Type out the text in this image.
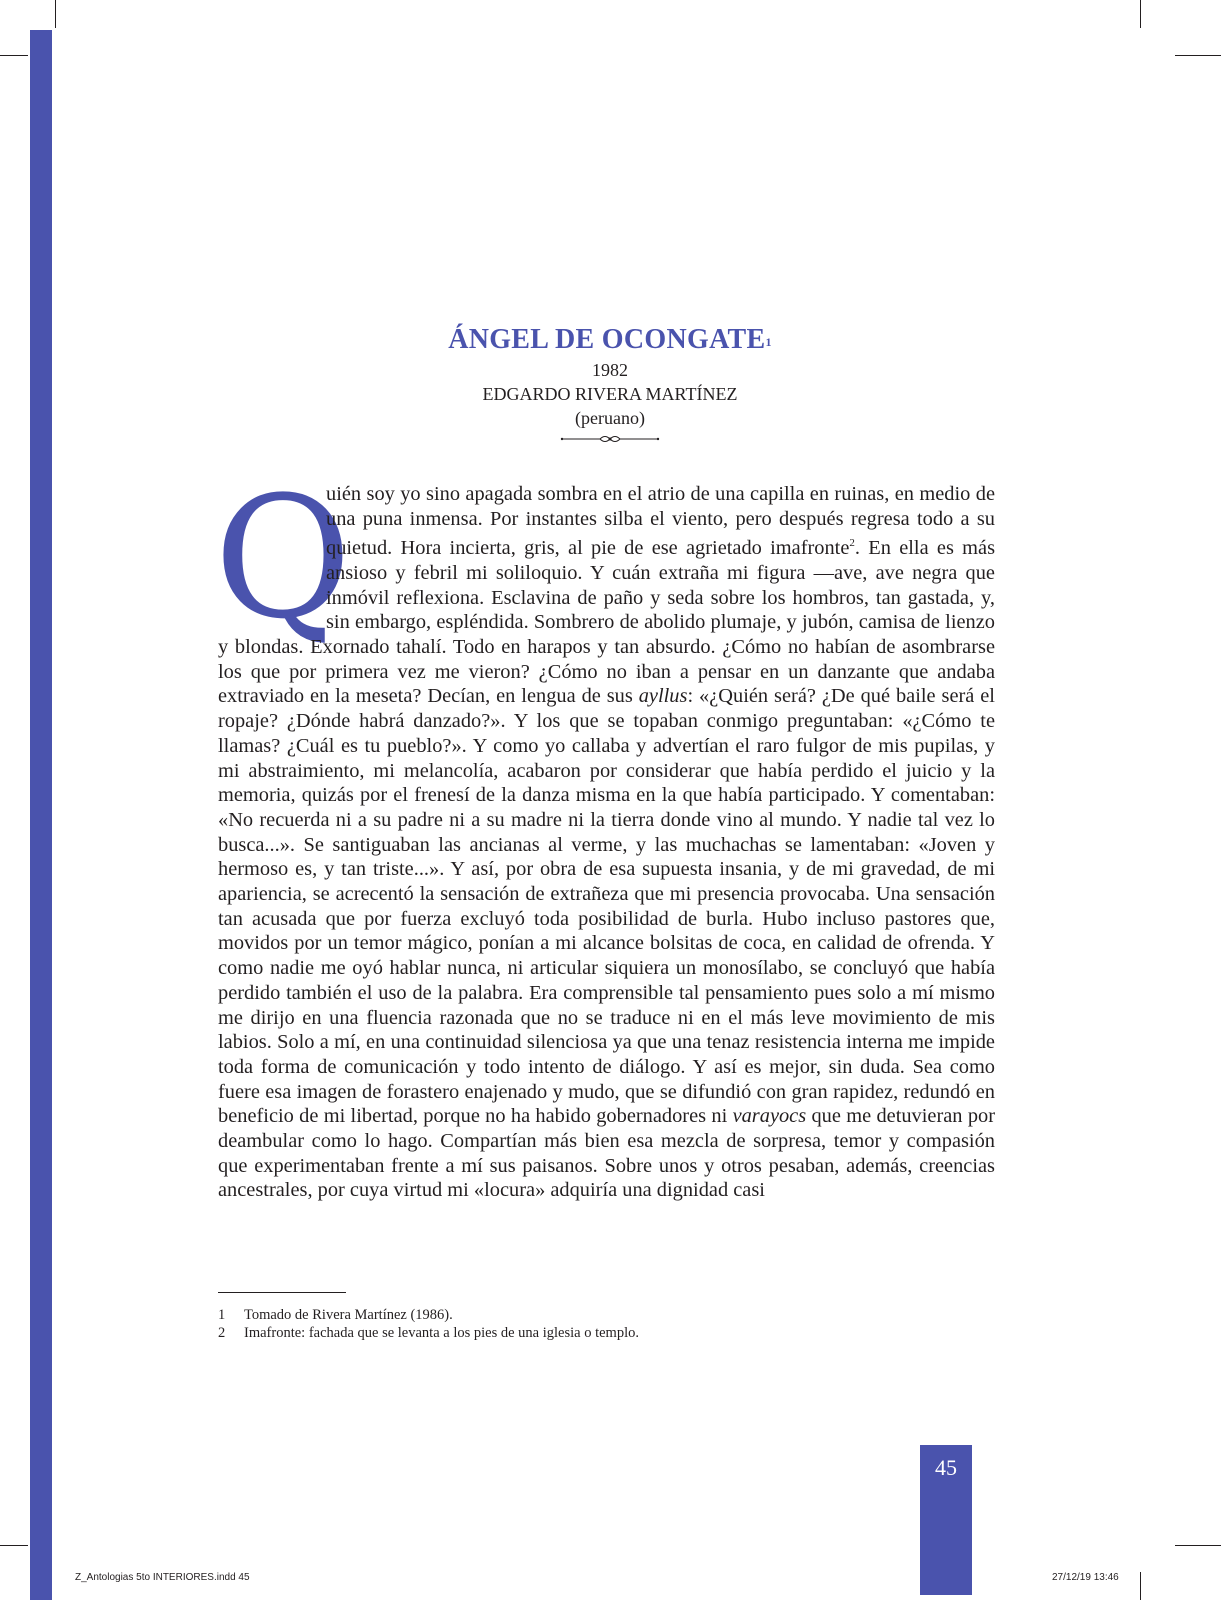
ÁNGEL DE OCONGATE$^1$
1982
EDGARDO RIVERA MARTÍNEZ
(peruano)
Q
uién soy yo sino apagada sombra en el atrio de una capilla en ruinas, en medio de una puna inmensa. Por instantes silba el viento, pero después regresa todo a su quietud. Hora incierta, gris, al pie de ese agrietado imafronte$^2$. En ella es más ansioso y febril mi soliloquio. Y cuán extraña mi figura —ave, ave negra que inmóvil reflexiona. Esclavina de paño y seda sobre los hombros, tan gastada, y, sin embargo, espléndida. Sombrero de abolido plumaje, y jubón, camisa de lienzo y blondas. Exornado tahalí. Todo en harapos y tan absurdo. ¿Cómo no habían de asombrarse los que por primera vez me vieron? ¿Cómo no iban a pensar en un danzante que andaba extraviado en la meseta? Decían, en lengua de sus ayllus: «¿Quién será? ¿De qué baile será el ropaje? ¿Dónde habrá danzado?». Y los que se topaban conmigo preguntaban: «¿Cómo te llamas? ¿Cuál es tu pueblo?». Y como yo callaba y advertían el raro fulgor de mis pupilas, y mi abstraimiento, mi melancolía, acabaron por considerar que había perdido el juicio y la memoria, quizás por el frenesí de la danza misma en la que había participado. Y comentaban: «No recuerda ni a su padre ni a su madre ni la tierra donde vino al mundo. Y nadie tal vez lo busca...». Se santiguaban las ancianas al verme, y las muchachas se lamentaban: «Joven y hermoso es, y tan triste...». Y así, por obra de esa supuesta insania, y de mi gravedad, de mi apariencia, se acrecentó la sensación de extrañeza que mi presencia provocaba. Una sensación tan acusada que por fuerza excluyó toda posibilidad de burla. Hubo incluso pastores que, movidos por un temor mágico, ponían a mi alcance bolsitas de coca, en calidad de ofrenda. Y como nadie me oyó hablar nunca, ni articular siquiera un monosílabo, se concluyó que había perdido también el uso de la palabra. Era comprensible tal pensamiento pues solo a mí mismo me dirijo en una fluencia razonada que no se traduce ni en el más leve movimiento de mis labios. Solo a mí, en una continuidad silenciosa ya que una tenaz resistencia interna me impide toda forma de comunicación y todo intento de diálogo. Y así es mejor, sin duda. Sea como fuere esa imagen de forastero enajenado y mudo, que se difundió con gran rapidez, redundó en beneficio de mi libertad, porque no ha habido gobernadores ni varayocs que me detuvieran por deambular como lo hago. Compartían más bien esa mezcla de sorpresa, temor y compasión que experimentaban frente a mí sus paisanos. Sobre unos y otros pesaban, además, creencias ancestrales, por cuya virtud mi «locura» adquiría una dignidad casi
1	Tomado de Rivera Martínez (1986).
2	Imafronte: fachada que se levanta a los pies de una iglesia o templo.
45
Z_Antologias 5to INTERIORES.indd 45	27/12/19 13:46
